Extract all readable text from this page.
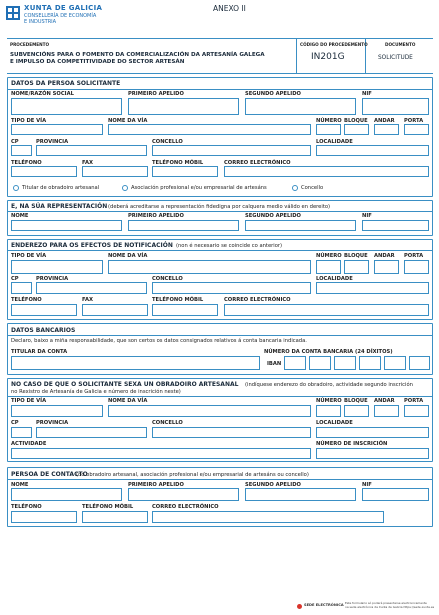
XUNTA DE GALICIA
CONSELLERÍA DE ECONOMÍA
E INDUSTRIA
ANEXO II
PROCEDEMENTO
SUBVENCIÓNS PARA O FOMENTO DA COMERCIALIZACIÓN DA ARTESANÍA GALEGA
E IMPULSO DA COMPETITIVIDADE DO SECTOR ARTESÁN
CÓDIGO DO PROCEDEMENTO
IN201G
DOCUMENTO
SOLICITUDE
DATOS DA PERSOA SOLICITANTE
NOME/RAZÓN SOCIAL	PRIMEIRO APELIDO	SEGUNDO APELIDO	NIF
TIPO DE VÍA	NOME DA VÍA	NÚMERO BLOQUE ANDAR PORTA
CP	PROVINCIA	CONCELLO	LOCALIDADE
TELÉFONO	FAX	TELÉFONO MÓBIL	CORREO ELECTRÓNICO
Titular de obradoiro artesanal	Asociación profesional e/ou empresarial de artesáns	Concello
E, NA SÚA REPRESENTACIÓN (deberá acreditarse a representación fidedigna por calquera medio válido en dereito)
NOME	PRIMEIRO APELIDO	SEGUNDO APELIDO	NIF
ENDEREZO PARA OS EFECTOS DE NOTIFICACIÓN (non é necesario se coincide co anterior)
TIPO DE VÍA	NOME DA VÍA	NÚMERO BLOQUE ANDAR PORTA
CP	PROVINCIA	CONCELLO	LOCALIDADE
TELÉFONO	FAX	TELÉFONO MÓBIL	CORREO ELECTRÓNICO
DATOS BANCARIOS
Declaro, baixo a miña responsabilidade, que son certos os datos consignados relativos á conta bancaria indicada.
TITULAR DA CONTA	NÚMERO DA CONTA BANCARIA (24 DÍXITOS)
IBAN
NO CASO DE QUE O SOLICITANTE SEXA UN OBRADOIRO ARTESANAL (indíquese enderezo do obradoiro, actividade segundo inscrición
no Rexistro de Artesanía de Galicia e número de inscrición neste)
TIPO DE VÍA	NOME DA VÍA	NÚMERO BLOQUE ANDAR PORTA
CP	PROVINCIA	CONCELLO	LOCALIDADE
ACTIVIDADE	NÚMERO DE INSCRICIÓN
PERSOA DE CONTACTO
(do obradoiro artesanal, asociación profesional e/ou empresarial de artesáns ou concello)
NOME	PRIMEIRO APELIDO	SEGUNDO APELIDO	NIF
TELÉFONO	TELÉFONO MÓBIL	CORREO ELECTRÓNICO
SEDE ELECTRÓNICA Este formulario só poderá presentarse electronicamente
na sede electrónica da Xunta de Galicia https://sede.xunta.es
